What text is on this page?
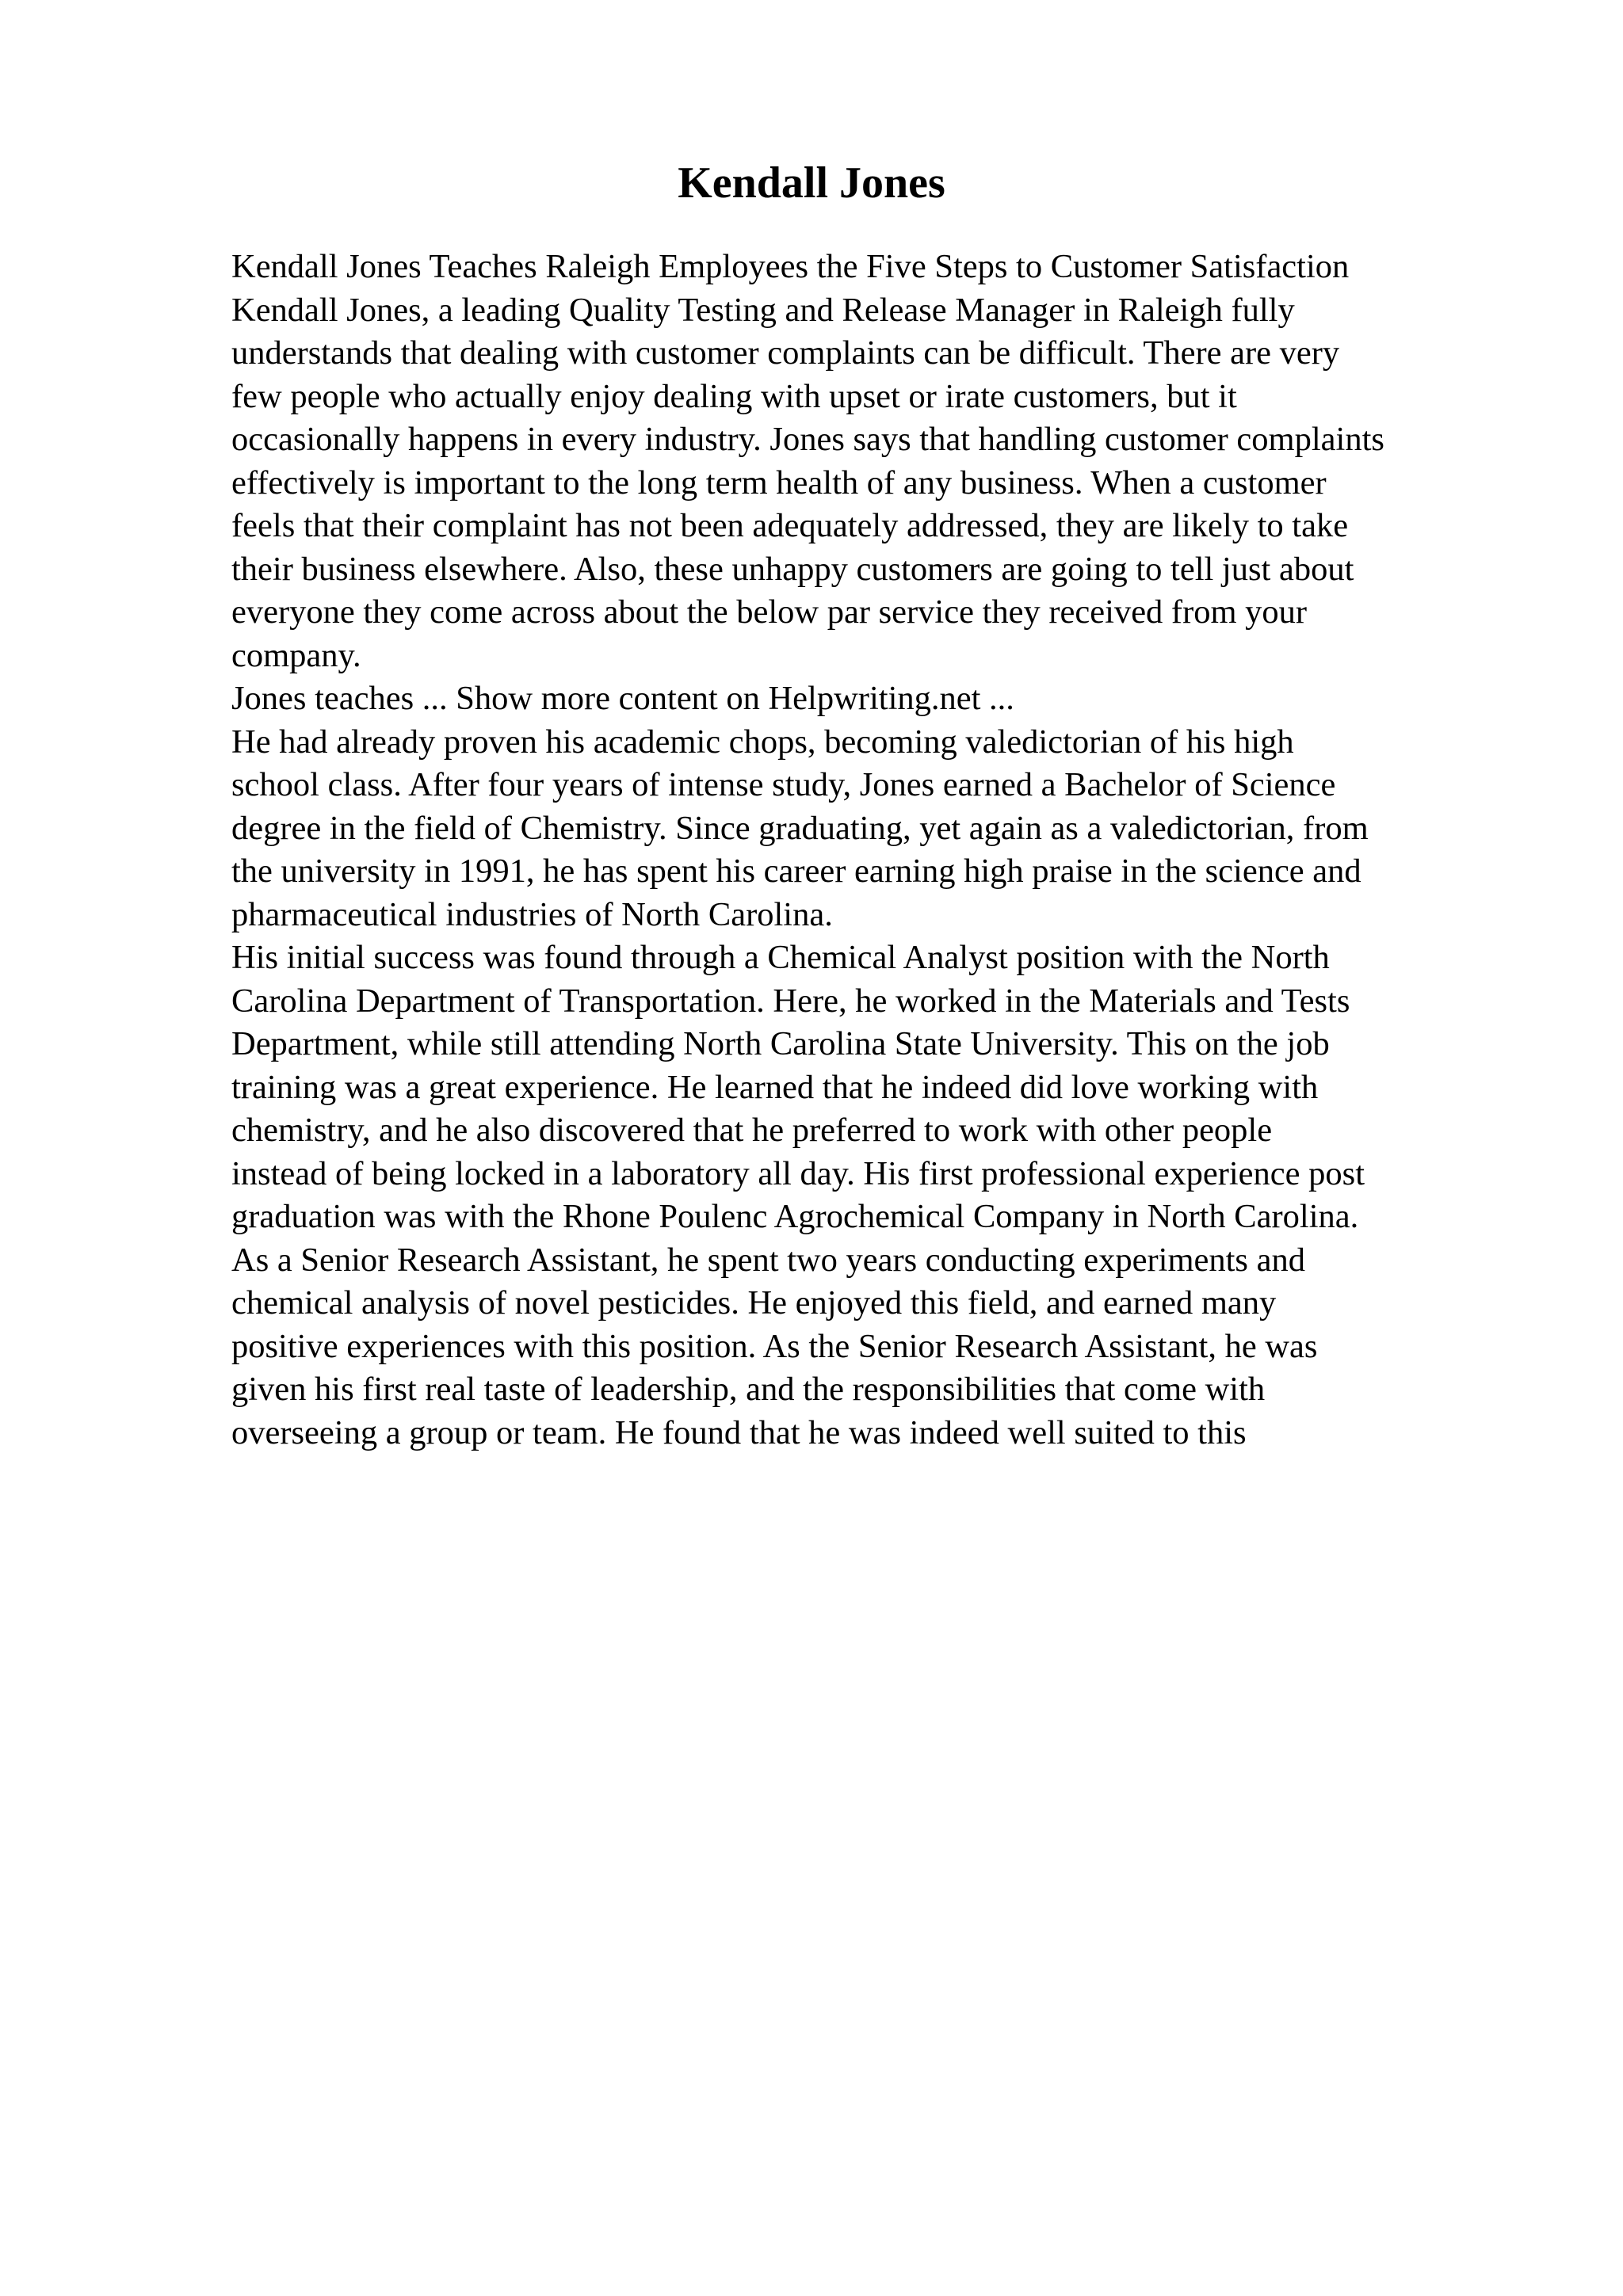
Kendall Jones
Kendall Jones Teaches Raleigh Employees the Five Steps to Customer Satisfaction
Kendall Jones, a leading Quality Testing and Release Manager in Raleigh fully
understands that dealing with customer complaints can be difficult. There are very
few people who actually enjoy dealing with upset or irate customers, but it
occasionally happens in every industry. Jones says that handling customer complaints
effectively is important to the long term health of any business. When a customer
feels that their complaint has not been adequately addressed, they are likely to take
their business elsewhere. Also, these unhappy customers are going to tell just about
everyone they come across about the below par service they received from your
company.
Jones teaches ... Show more content on Helpwriting.net ...
He had already proven his academic chops, becoming valedictorian of his high
school class. After four years of intense study, Jones earned a Bachelor of Science
degree in the field of Chemistry. Since graduating, yet again as a valedictorian, from
the university in 1991, he has spent his career earning high praise in the science and
pharmaceutical industries of North Carolina.
His initial success was found through a Chemical Analyst position with the North
Carolina Department of Transportation. Here, he worked in the Materials and Tests
Department, while still attending North Carolina State University. This on the job
training was a great experience. He learned that he indeed did love working with
chemistry, and he also discovered that he preferred to work with other people
instead of being locked in a laboratory all day. His first professional experience post
graduation was with the Rhone Poulenc Agrochemical Company in North Carolina.
As a Senior Research Assistant, he spent two years conducting experiments and
chemical analysis of novel pesticides. He enjoyed this field, and earned many
positive experiences with this position. As the Senior Research Assistant, he was
given his first real taste of leadership, and the responsibilities that come with
overseeing a group or team. He found that he was indeed well suited to this
